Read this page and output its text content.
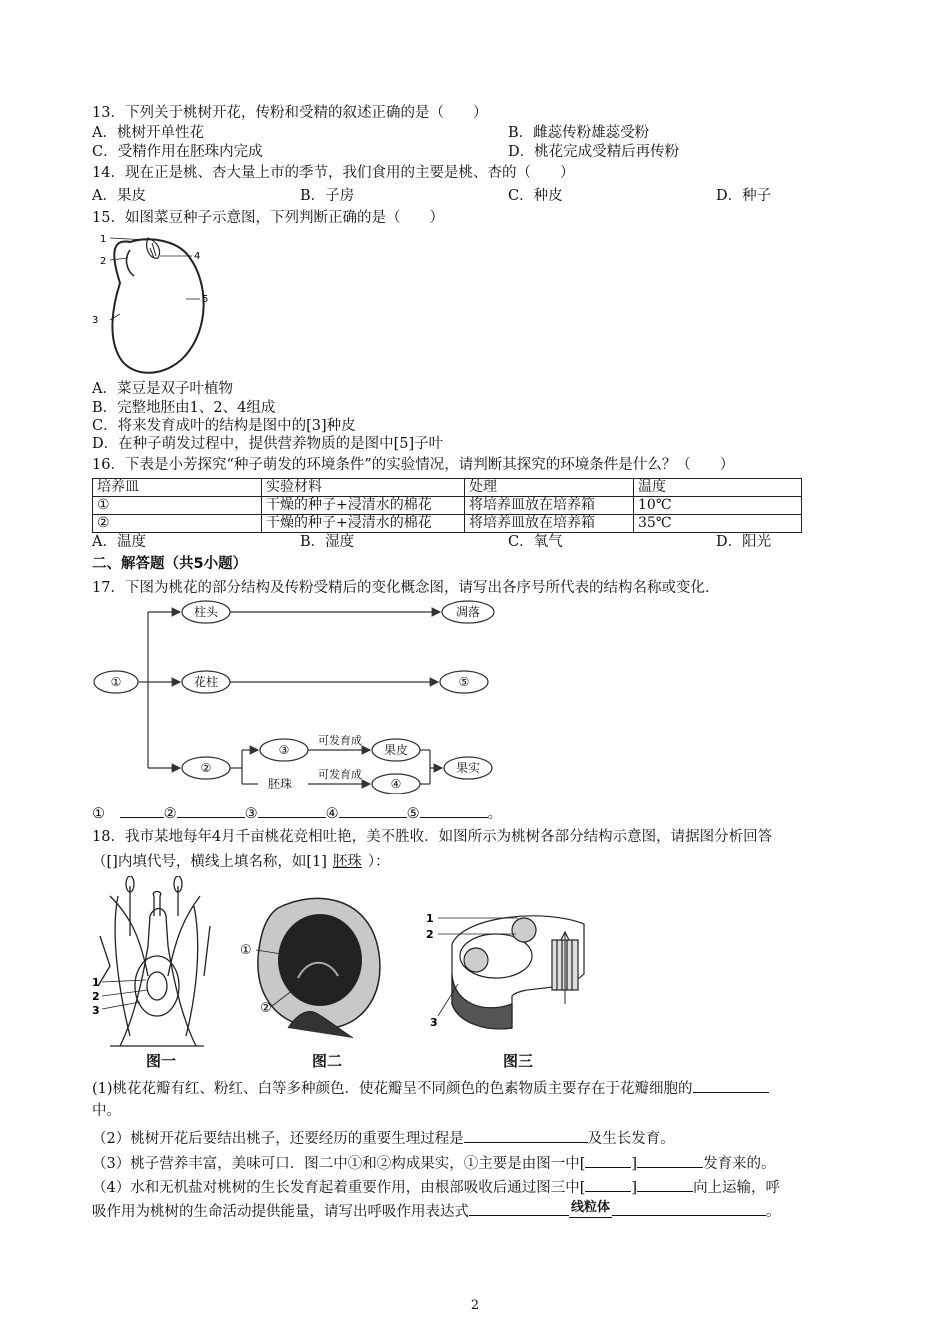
13．下列关于桃树开花，传粉和受精的叙述正确的是（　　）
A．桃树开单性花	B．雌蕊传粉雄蕊受粉
C．受精作用在胚珠内完成	D．桃花完成受精后再传粉
14．现在正是桃、杏大量上市的季节，我们食用的主要是桃、杏的（　　）
A．果皮	B．子房	C．种皮	D．种子
15．如图菜豆种子示意图，下列判断正确的是（　　）
1
2
3
4
5
A．菜豆是双子叶植物
B．完整地胚由1、2、4组成
C．将来发育成叶的结构是图中的[3]种皮
D．在种子萌发过程中，提供营养物质的是图中[5]子叶
16．下表是小芳探究“种子萌发的环境条件”的实验情况，请判断其探究的环境条件是什么？（　　）
培养皿	实验材料	处理	温度
①	干燥的种子+浸清水的棉花	将培养皿放在培养箱	10℃
②	干燥的种子+浸清水的棉花	将培养皿放在培养箱	35℃
A．温度	B．湿度	C．氧气	D．阳光
二、解答题（共5小题）
17．下图为桃花的部分结构及传粉受精后的变化概念图，请写出各序号所代表的结构名称或变化．
①
柱头	凋落
花柱	⑤
②
③	果皮
胚珠	④
果实
可发育成
可发育成
①	②	③	④	⑤	。
18．我市某地每年4月千亩桃花竞相吐艳，美不胜收．如图所示为桃树各部分结构示意图，请据图分析回答
（[]内填代号，横线上填名称，如[1] 胚珠 ）：
1
2
3
图一
①
②
图二
1
2
3
图三
(1)桃花花瓣有红、粉红、白等多种颜色．使花瓣呈不同颜色的色素物质主要存在于花瓣细胞的
中。
（2）桃树开花后要结出桃子，还要经历的重要生理过程是	及生长发育。
（3）桃子营养丰富，美味可口．图二中①和②构成果实，①主要是由图一中[	]	发育来的。
（4）水和无机盐对桃树的生长发育起着重要作用，由根部吸收后通过图三中[	]	向上运输，呼
吸作用为桃树的生命活动提供能量，请写出呼吸作用表达式	线粒体	。
2
